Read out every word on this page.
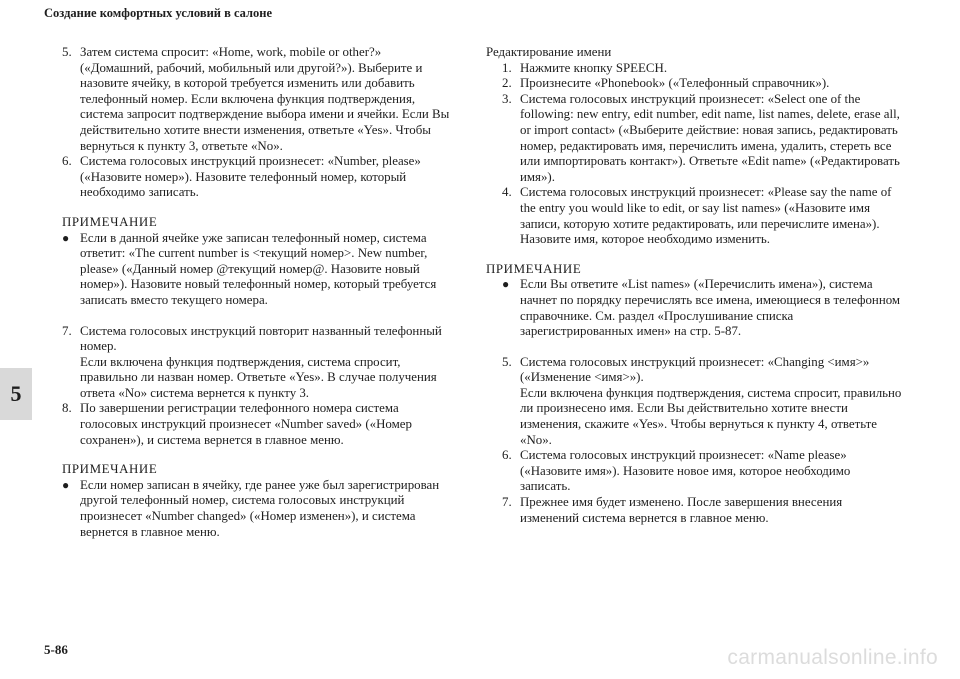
Создание комфортных условий в салоне
5
5. Затем система спросит: «Home, work, mobile or other?» («Домашний, рабочий, мобильный или другой?»). Выберите и назовите ячейку, в которой требуется изменить или добавить телефонный номер. Если включена функция подтверждения, система запросит подтверждение выбора имени и ячейки. Если Вы действительно хотите внести изменения, ответьте «Yes». Чтобы вернуться к пункту 3, ответьте «No».
6. Система голосовых инструкций произнесет: «Number, please» («Назовите номер»). Назовите телефонный номер, который необходимо записать.
ПРИМЕЧАНИЕ
● Если в данной ячейке уже записан телефонный номер, система ответит: «The current number is <текущий номер>. New number, please» («Данный номер @текущий номер@. Назовите новый номер»). Назовите новый телефонный номер, который требуется записать вместо текущего номера.
7. Система голосовых инструкций повторит названный телефонный номер.
Если включена функция подтверждения, система спросит, правильно ли назван номер. Ответьте «Yes». В случае получения ответа «No» система вернется к пункту 3.
8. По завершении регистрации телефонного номера система голосовых инструкций произнесет «Number saved» («Номер сохранен»), и система вернется в главное меню.
ПРИМЕЧАНИЕ
● Если номер записан в ячейку, где ранее уже был зарегистрирован другой телефонный номер, система голосовых инструкций произнесет «Number changed» («Номер изменен»), и система вернется в главное меню.
Редактирование имени
1. Нажмите кнопку SPEECH.
2. Произнесите «Phonebook» («Телефонный справочник»).
3. Система голосовых инструкций произнесет: «Select one of the following: new entry, edit number, edit name, list names, delete, erase all, or import contact» («Выберите действие: новая запись, редактировать номер, редактировать имя, перечислить имена, удалить, стереть все или импортировать контакт»). Ответьте «Edit name» («Редактировать имя»).
4. Система голосовых инструкций произнесет: «Please say the name of the entry you would like to edit, or say list names» («Назовите имя записи, которую хотите редактировать, или перечислите имена»). Назовите имя, которое необходимо изменить.
ПРИМЕЧАНИЕ
● Если Вы ответите «List names» («Перечислить имена»), система начнет по порядку перечислять все имена, имеющиеся в телефонном справочнике. См. раздел «Прослушивание списка зарегистрированных имен» на стр. 5-87.
5. Система голосовых инструкций произнесет: «Changing <имя>» («Изменение <имя>»).
Если включена функция подтверждения, система спросит, правильно ли произнесено имя. Если Вы действительно хотите внести изменения, скажите «Yes». Чтобы вернуться к пункту 4, ответьте «No».
6. Система голосовых инструкций произнесет: «Name please» («Назовите имя»). Назовите новое имя, которое необходимо записать.
7. Прежнее имя будет изменено. После завершения внесения изменений система вернется в главное меню.
5-86	carmanualsonline.info
